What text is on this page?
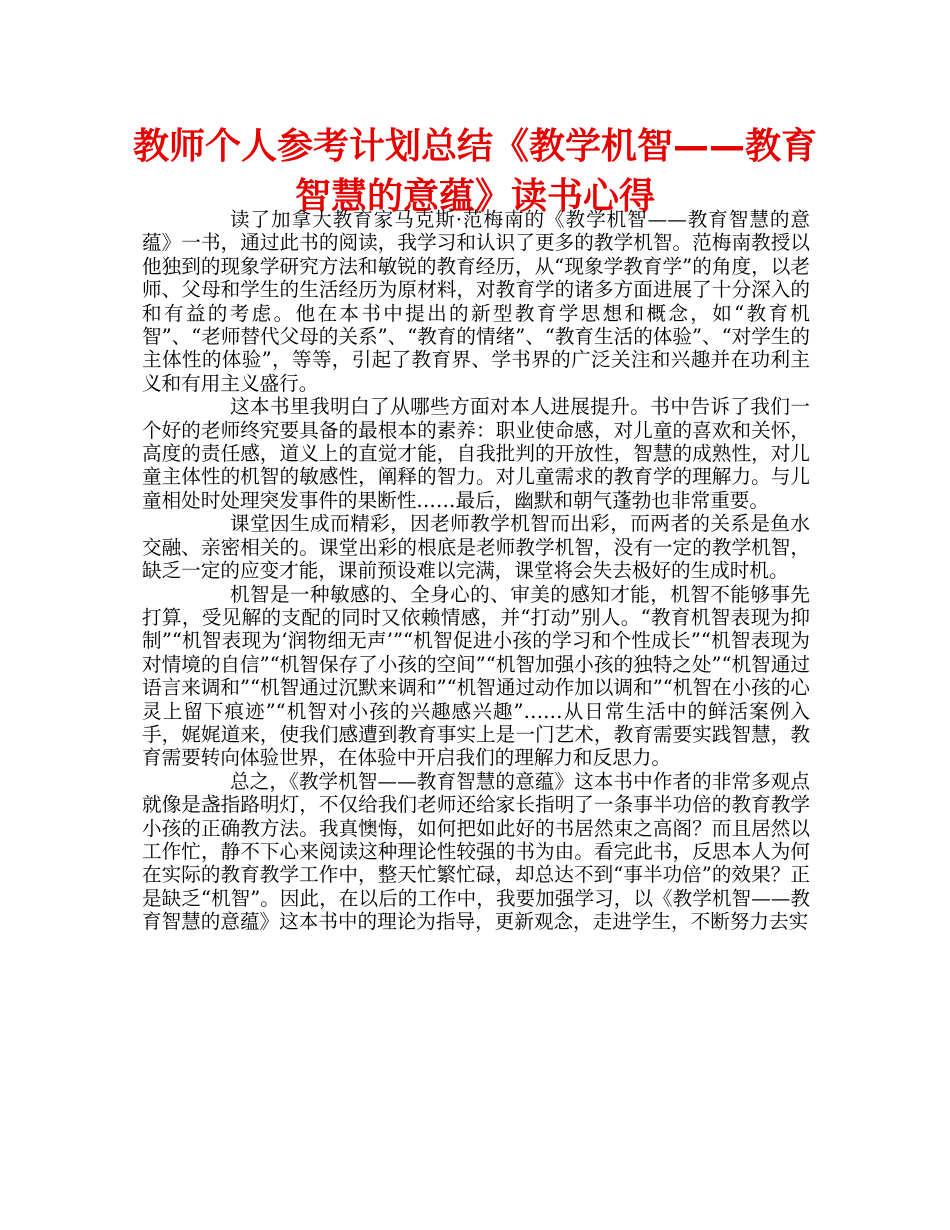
教师个人参考计划总结《教学机智——教育智慧的意蕴》读书心得

读了加拿大教育家马克斯·范梅南的《教学机智——教育智慧的意蕴》一书，通过此书的阅读，我学习和认识了更多的教学机智。范梅南教授以他独到的现象学研究方法和敏锐的教育经历，从“现象学教育学”的角度，以老师、父母和学生的生活经历为原材料，对教育学的诸多方面进展了十分深入的和有益的考虑。他在本书中提出的新型教育学思想和概念，如“教育机智”、“老师替代父母的关系”、“教育的情绪”、“教育生活的体验”、“对学生的主体性的体验”，等等，引起了教育界、学书界的广泛关注和兴趣并在功利主义和有用主义盛行。

这本书里我明白了从哪些方面对本人进展提升。书中告诉了我们一个好的老师终究要具备的最根本的素养：职业使命感，对儿童的喜欢和关怀，高度的责任感，道义上的直觉才能，自我批判的开放性，智慧的成熟性，对儿童主体性的机智的敏感性，阐释的智力。对儿童需求的教育学的理解力。与儿童相处时处理突发事件的果断性……最后，幽默和朝气蓬勃也非常重要。

课堂因生成而精彩，因老师教学机智而出彩，而两者的关系是鱼水交融、亲密相关的。课堂出彩的根底是老师教学机智，没有一定的教学机智，缺乏一定的应变才能，课前预设难以完满，课堂将会失去极好的生成时机。

机智是一种敏感的、全身心的、审美的感知才能，机智不能够事先打算，受见解的支配的同时又依赖情感，并“打动”别人。“教育机智表现为抑制”“机智表现为‘润物细无声’”“机智促进小孩的学习和个性成长”“机智表现为对情境的自信”“机智保存了小孩的空间”“机智加强小孩的独特之处”“机智通过语言来调和”“机智通过沉默来调和”“机智通过动作加以调和”“机智在小孩的心灵上留下痕迹”“机智对小孩的兴趣感兴趣”……从日常生活中的鲜活案例入手，娓娓道来，使我们感遭到教育事实上是一门艺术，教育需要实践智慧，教育需要转向体验世界，在体验中开启我们的理解力和反思力。

总之，《教学机智——教育智慧的意蕴》这本书中作者的非常多观点就像是盏指路明灯，不仅给我们老师还给家长指明了一条事半功倍的教育教学小孩的正确教方法。我真懊悔，如何把如此好的书居然束之高阁？而且居然以工作忙，静不下心来阅读这种理论性较强的书为由。看完此书，反思本人为何在实际的教育教学工作中，整天忙繁忙碌，却总达不到“事半功倍”的效果？正是缺乏“机智”。因此，在以后的工作中，我要加强学习，以《教学机智——教育智慧的意蕴》这本书中的理论为指导，更新观念，走进学生，不断努力去实
